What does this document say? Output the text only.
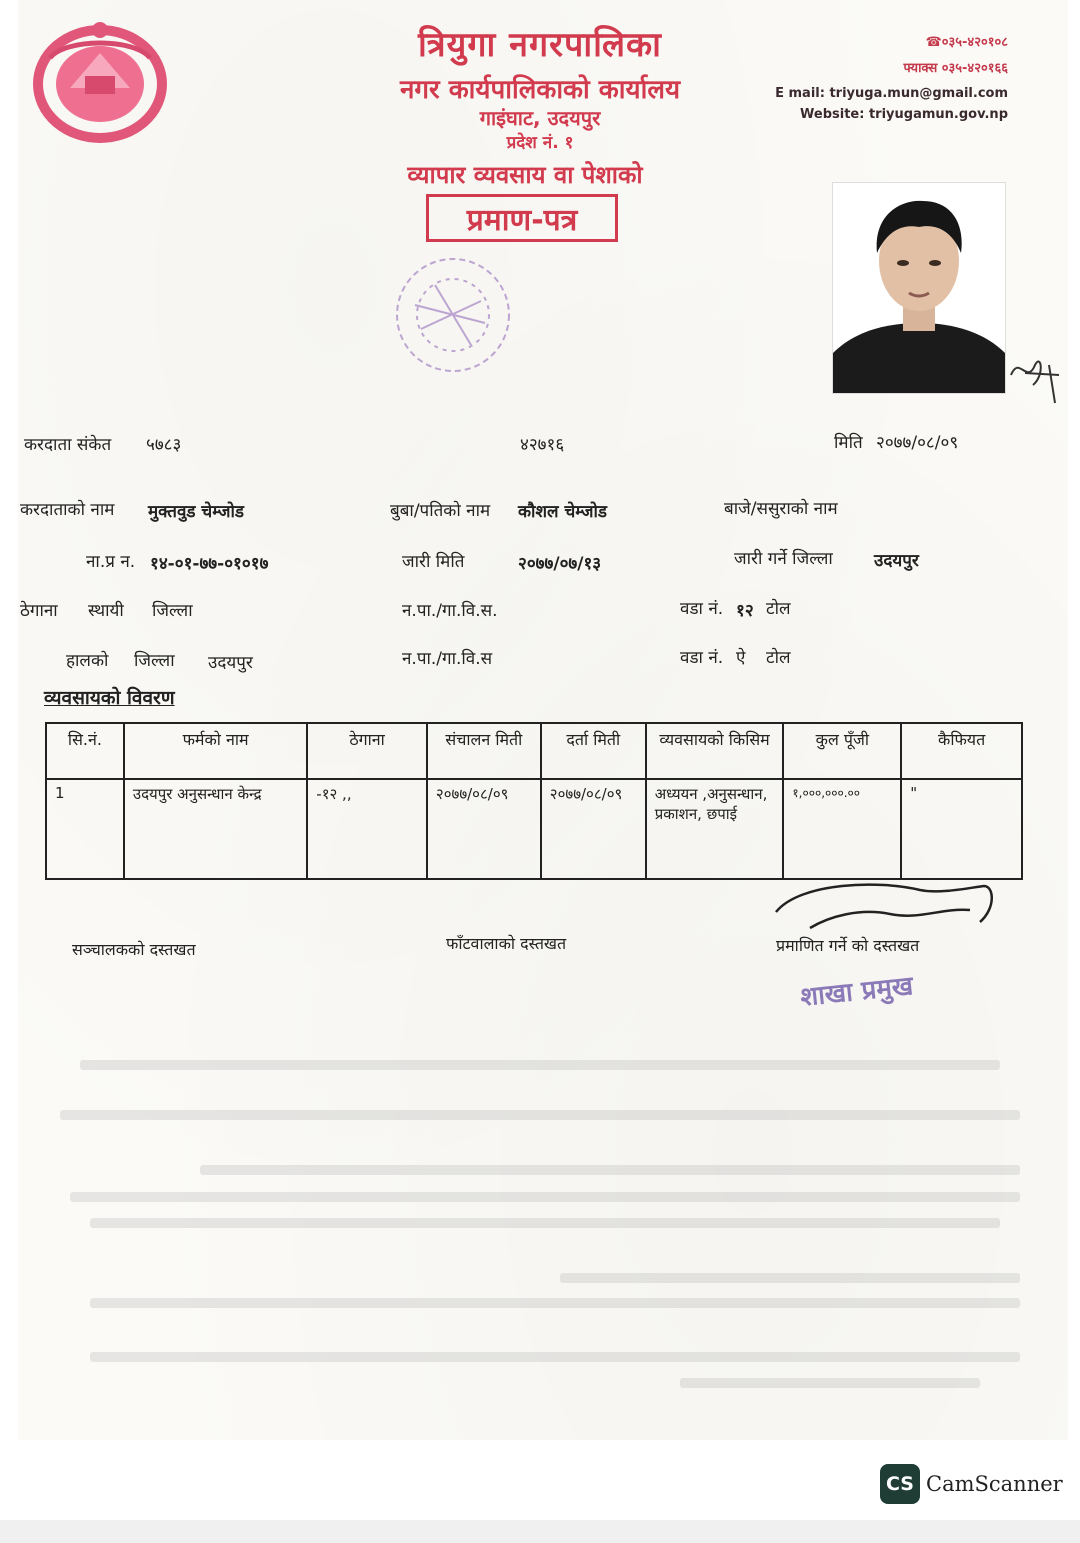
त्रियुगा नगरपालिका
नगर कार्यपालिकाको कार्यालय
गाइंघाट, उदयपुर
प्रदेश नं. १
व्यापार व्यवसाय वा पेशाको
प्रमाण-पत्र
☎०३५-४२०१०८
फ्याक्स ०३५-४२०१६६
E mail: triyuga.mun@gmail.com
Website: triyugamun.gov.np
करदाता संकेत ५७८३	४२७१६	मिति २०७७/०८/०९
करदाताको नाम मुक्तवुड चेम्जोड	बुबा/पतिको नाम कौशल चेम्जोड	बाजे/ससुराको नाम
ना.प्र न. १४-०१-७७-०१०१७	जारी मिति	२०७७/०७/१३	जारी गर्ने जिल्ला उदयपुर
ठेगाना स्थायी जिल्ला	न.पा./गा.वि.स.	वडा नं. १२ टोल
हालको जिल्ला उदयपुर	न.पा./गा.वि.स	वडा नं. ऐ टोल
व्यवसायको विवरण
सि.नं.	फर्मको नाम	ठेगाना	संचालन मिती	दर्ता मिती	व्यवसायको किसिम	कुल पूँजी	कैफियत
1	उदयपुर अनुसन्धान केन्द्र	-१२ ,,	२०७७/०८/०९	२०७७/०८/०९	अध्ययन ,अनुसन्धान, प्रकाशन, छपाई	१,०००,०००.००	"
सञ्चालकको दस्तखत	फाँटवालाको दस्तखत	प्रमाणित गर्ने को दस्तखत
शाखा प्रमुख
CS CamScanner
